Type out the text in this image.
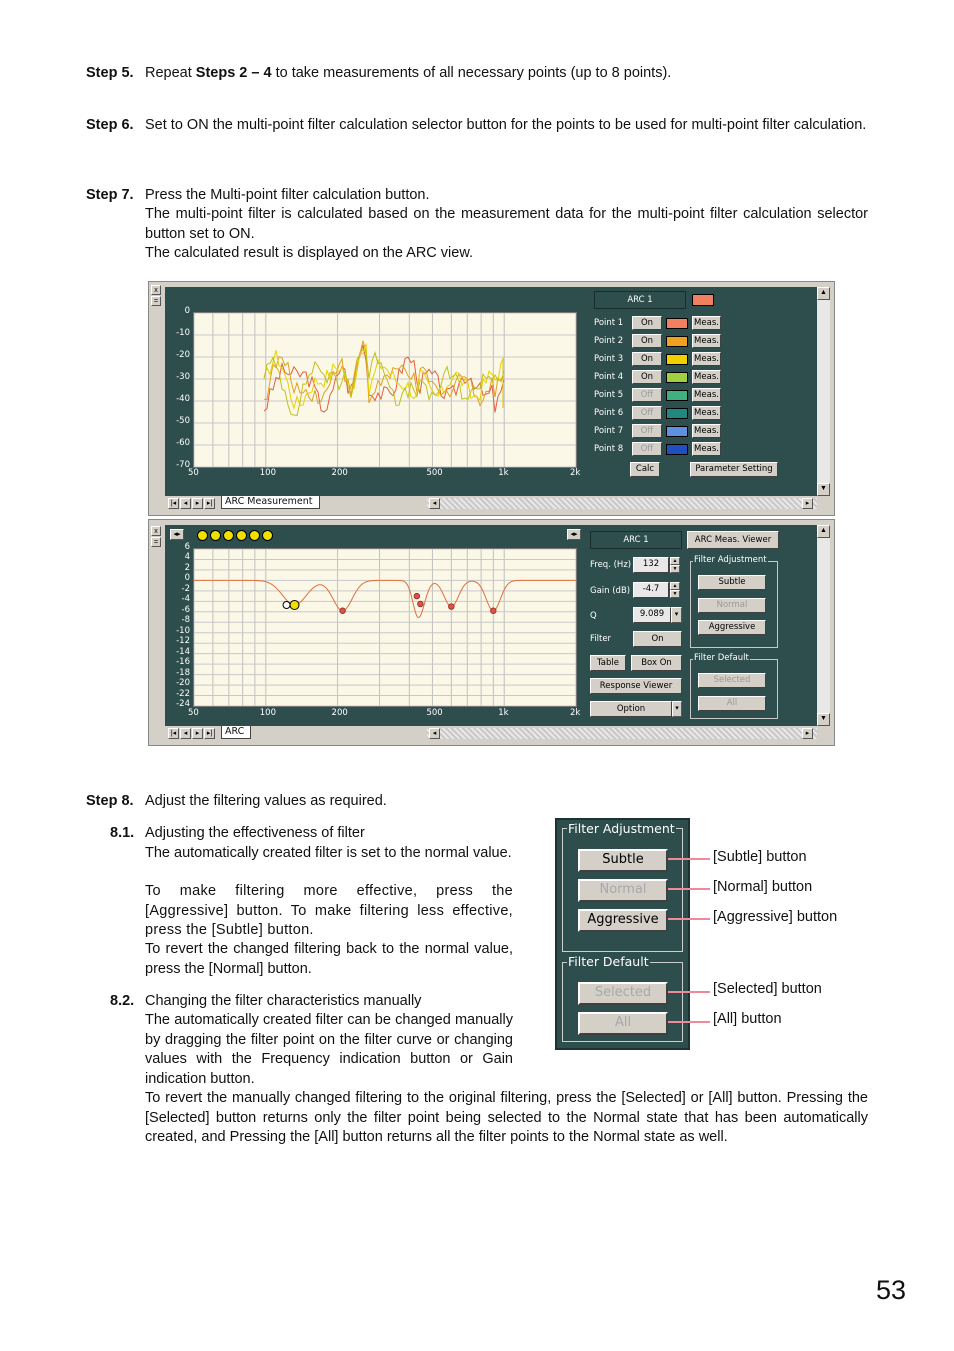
Step 5. Repeat Steps 2 – 4 to take measurements of all necessary points (up to 8 points).
Step 6. Set to ON the multi-point filter calculation selector button for the points to be used for multi-point filter calculation.
Step 7. Press the Multi-point filter calculation button.
The multi-point filter is calculated based on the measurement data for the multi-point filter calculation selector button set to ON.
The calculated result is displayed on the ARC view.
x
=
0
-10
-20
-30
-40
-50
-60
-70
50	100	200	500	1k	2k
ARC 1
Calc	Parameter Setting
▲
▼
|◂	◂	▸	▸|	ARC Measurement	◂	▸
Point 1	On	Meas.
Point 2	On	Meas.
Point 3	On	Meas.
Point 4	On	Meas.
Point 5	Off	Meas.
Point 6	Off	Meas.
Point 7	Off	Meas.
Point 8	Off	Meas.
x
=
◂▸	◂▸
6
4
2
0
-2
-4
-6
-8
-10
-12
-14
-16
-18
-20
-22
-24
50	100	200	500	1k	2k
ARC 1	ARC Meas. Viewer
Freq. (Hz)	132	▲
▼
Gain (dB)	-4.7	▲
▼
Q	9.089	▾
Filter	On
Table	Box On
Response Viewer
Option	▾
Filter Adjustment
Subtle
Normal
Aggressive
Filter Default
Selected
All
▲
▼
|◂	◂	▸	▸|	ARC	◂	▸
Step 8. Adjust the filtering values as required.
8.1. Adjusting the effectiveness of filter
The automatically created filter is set to the normal value.
To make filtering more effective, press the [Aggressive] button. To make filtering less effective, press the [Subtle] button.
To revert the changed filtering back to the normal value, press the [Normal] button.
8.2. Changing the filter characteristics manually
The automatically created filter can be changed manually by dragging the filter point on the filter curve or changing values with the Frequency indication button or Gain indication button.
To revert the manually changed filtering to the original filtering, press the [Selected] or [All] button. Pressing the [Selected] button returns only the filter point being selected to the Normal state that has been automatically created, and Pressing the [All] button returns all the filter points to the Normal state as well.
Filter Adjustment
Subtle
Normal
Aggressive
Filter Default
Selected
All
[Subtle] button
[Normal] button
[Aggressive] button
[Selected] button
[All] button
53
